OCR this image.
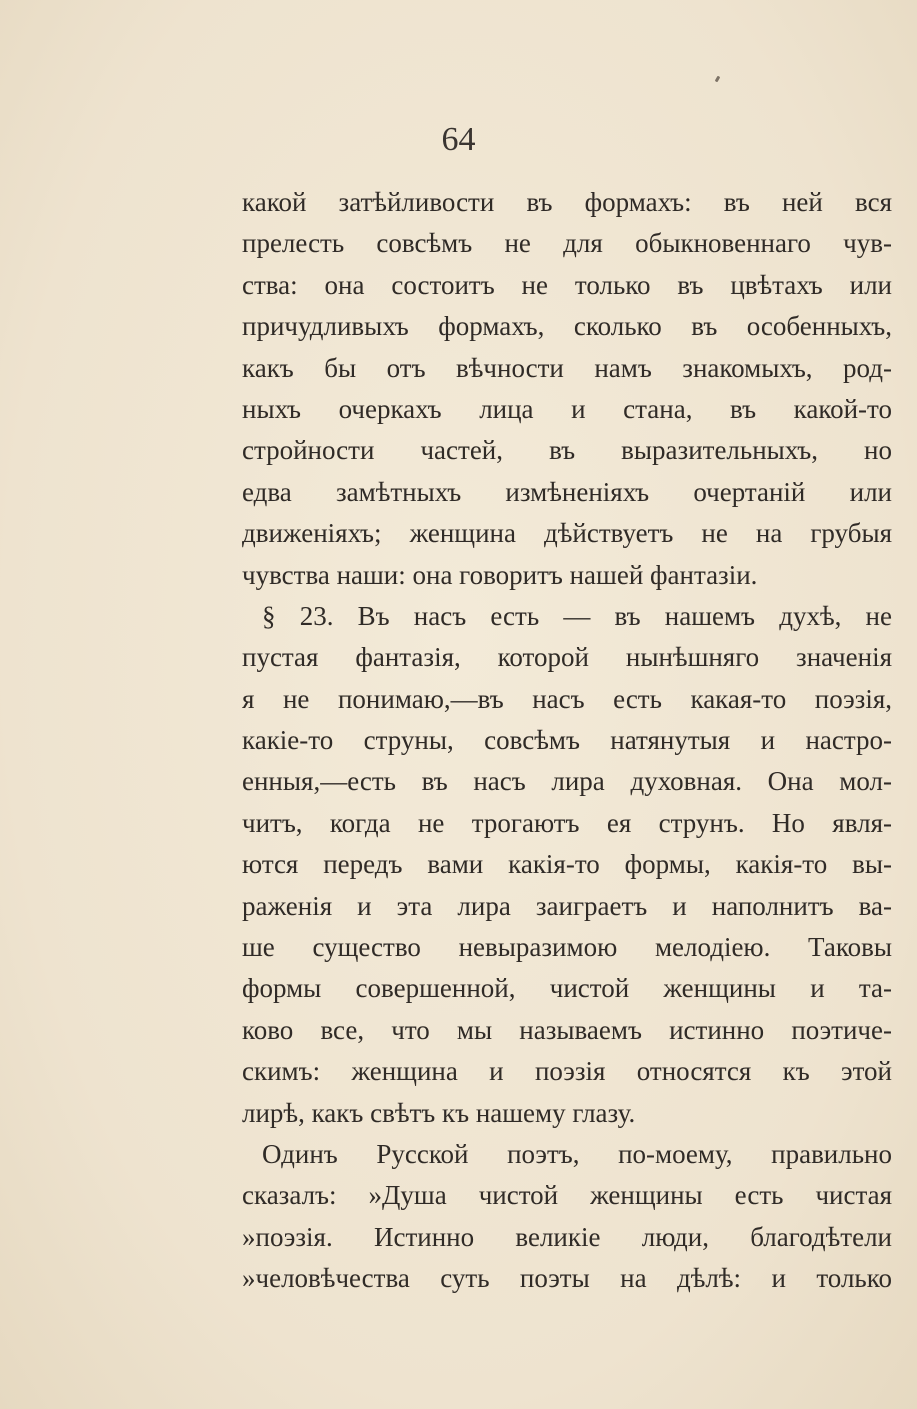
64
какой затѣйливости въ формахъ: въ ней вся
прелесть совсѣмъ не для обыкновеннаго чув-
ства: она состоитъ не только въ цвѣтахъ или
причудливыхъ формахъ, сколько въ особенныхъ,
какъ бы отъ вѣчности намъ знакомыхъ, род-
ныхъ очеркахъ лица и стана, въ какой-то
стройности частей, въ выразительныхъ, но
едва замѣтныхъ измѣненіяхъ очертаній или
движеніяхъ; женщина дѣйствуетъ не на грубыя
чувства наши: она говоритъ нашей фантазіи.
§ 23. Въ насъ есть — въ нашемъ духѣ, не
пустая фантазія, которой нынѣшняго значенія
я не понимаю,—въ насъ есть какая-то поэзія,
какіе-то струны, совсѣмъ натянутыя и настро-
енныя,—есть въ насъ лира духовная. Она мол-
читъ, когда не трогаютъ ея струнъ. Но явля-
ются передъ вами какія-то формы, какія-то вы-
раженія и эта лира заиграетъ и наполнитъ ва-
ше существо невыразимою мелодіею. Таковы
формы совершенной, чистой женщины и та-
ково все, что мы называемъ истинно поэтиче-
скимъ: женщина и поэзія относятся къ этой
лирѣ, какъ свѣтъ къ нашему глазу.
Одинъ Русской поэтъ, по-моему, правильно
сказалъ: »Душа чистой женщины есть чистая
»поэзія. Истинно великіе люди, благодѣтели
»человѣчества суть поэты на дѣлѣ: и только
